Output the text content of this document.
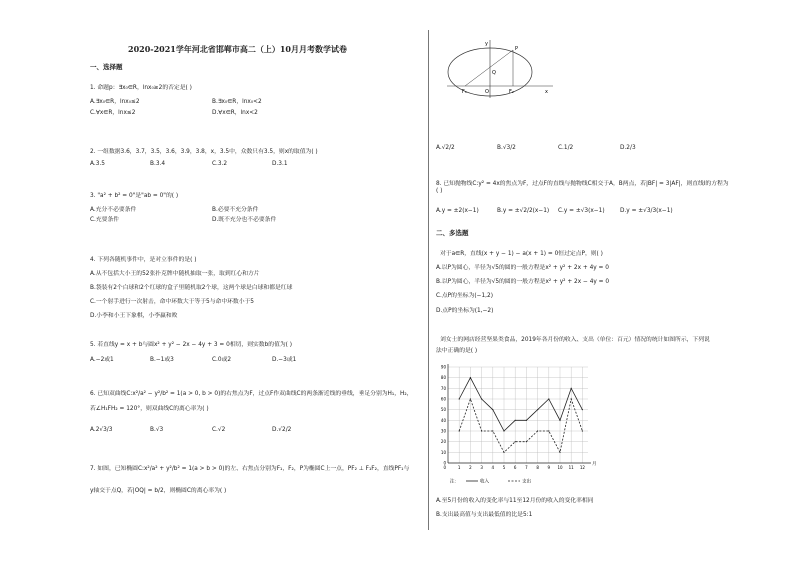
2020-2021学年河北省邯郸市高二（上）10月月考数学试卷
一、选择题
1. 命题p：∃x₀∈R，lnx₀≥2的否定是( )
A.∃x₀∈R，lnx₀≤2	B.∃x₀∈R，lnx₀<2
C.∀x∈R，lnx≤2	D.∀x∈R，lnx<2
2. 一组数据3.6，3.7，3.5，3.6，3.9，3.8，x，3.5中，众数只有3.5，则x的取值为( )
A.3.5	B.3.4	C.3.2	D.3.1
3. "a² + b² = 0"是"ab = 0"的( )
A.充分不必要条件	B.必要不充分条件
C.充要条件	D.既不充分也不必要条件
4. 下列各随机事件中，是对立事件的是( )
A.从不包括大小王的52张扑克牌中随机抽取一张，取到红心和方片
B.袋装有2个白球和2个红球的盒子里随机取2个球，这两个球是白球和都是红球
C.一个射手进行一次射击，命中环数大于等于5与命中环数小于5
D.小李和小王下象棋，小李赢和败
5. 若直线y = x + b与圆x² + y² − 2x − 4y + 3 = 0相切，则实数b的值为( )
A.−2或1	B.−1或3	C.0或2	D.−3或1
6. 已知双曲线C:x²/a² − y²/b² = 1(a > 0, b > 0)的右焦点为F，过点F作双曲线C的两条渐近线的垂线，垂足分别为H₁，H₂，
若∠H₁FH₂ = 120°，则双曲线C的离心率为( )
A.2√3/3	B.√3	C.√2	D.√2/2
7. 如图，已知椭圆C:x²/a² + y²/b² = 1(a > b > 0)的左、右焦点分别为F₁，F₂，P为椭圆C上一点，PF₂ ⊥ F₁F₂，直线PF₁与
y轴交于点Q，若|OQ| = b/2，则椭圆C的离心率为( )
y
x
P
Q
O
F₁	F₂
A.√2/2	B.√3/2	C.1/2	D.2/3
8. 已知抛物线C:y² = 4x的焦点为F，过点F的直线与抛物线C相交于A，B两点，若|BF| = 3|AF|，则直线l的方程为
( )
A.y = ±2(x−1)	B.y = ±√2/2(x−1) C.y = ±√3(x−1)	D.y = ±√3/3(x−1)
二、多选题
对于a∈R，直线(x + y − 1) − a(x + 1) = 0恒过定点P，则( )
A.以P为圆心，半径为√5的圆的一般方程是x² + y² + 2x + 4y = 0
B.以P为圆心，半径为√5的圆的一般方程是x² + y² + 2x − 4y = 0
C.点P的坐标为(−1,2)
D.点P的坐标为(1,−2)
刘女士的网店经营坚果类食品，2019年各月份的收入、支出（单位：百元）情况的统计如图所示，下列说
法中正确的是( )
0
10
20
30
40
50
60
70
80
90
1 2 3 4 5 6 7 8 9 10 11 12
0
月
注：	收入	支出
A.至5月份的收入的变化率与11至12月份的收入的变化率相同
B.支出最高值与支出最低值的比是5:1
